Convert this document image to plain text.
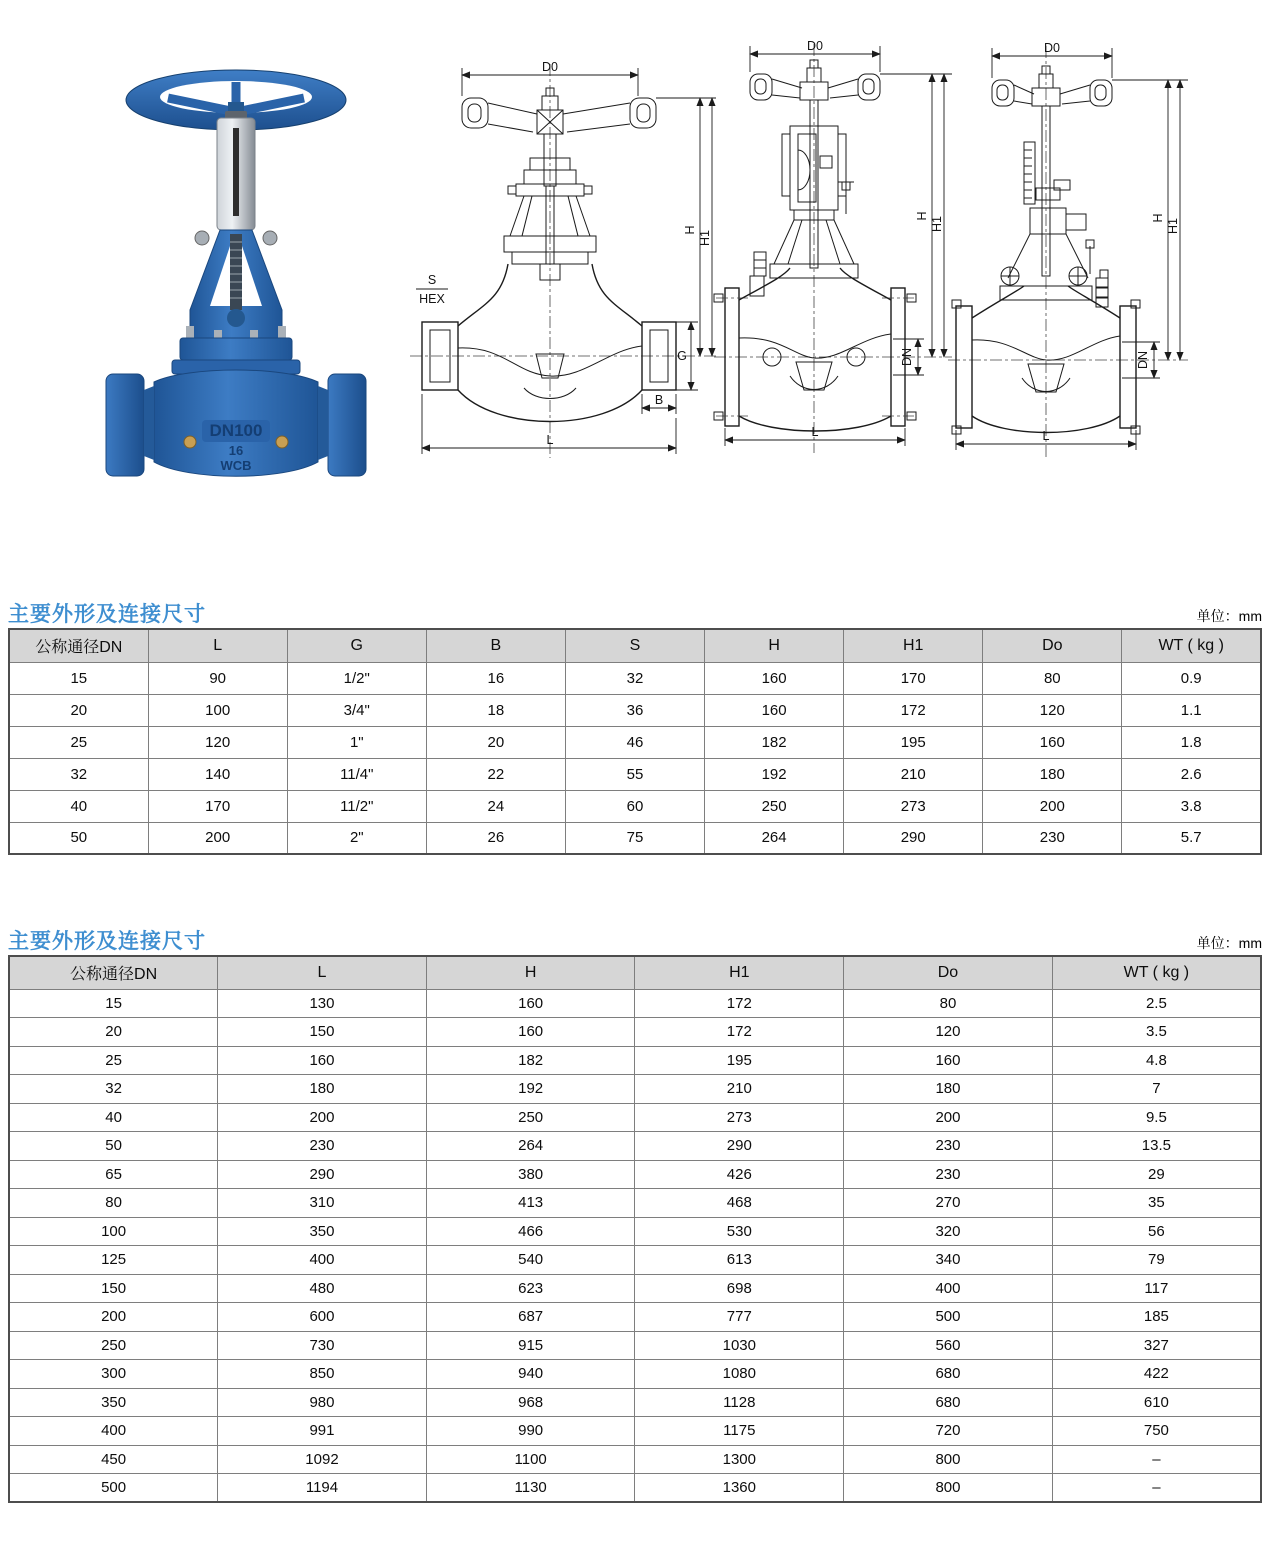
DN100
16
WCB
D0
H
H1
S
HEX
G
B
L
D0
H
H1
DN
L
D0
H
H1
DN
L
主要外形及连接尺寸	单位：mm
公称通径DN	L	G	B	S	H	H1	Do	WT ( kg )
15	90	1/2"	16	32	160	170	80	0.9
20	100	3/4"	18	36	160	172	120	1.1
25	120	1"	20	46	182	195	160	1.8
32	140	11/4"	22	55	192	210	180	2.6
40	170	11/2"	24	60	250	273	200	3.8
50	200	2"	26	75	264	290	230	5.7
主要外形及连接尺寸	单位：mm
公称通径DN	L	H	H1	Do	WT ( kg )
15	130	160	172	80	2.5
20	150	160	172	120	3.5
25	160	182	195	160	4.8
32	180	192	210	180	7
40	200	250	273	200	9.5
50	230	264	290	230	13.5
65	290	380	426	230	29
80	310	413	468	270	35
100	350	466	530	320	56
125	400	540	613	340	79
150	480	623	698	400	117
200	600	687	777	500	185
250	730	915	1030	560	327
300	850	940	1080	680	422
350	980	968	1128	680	610
400	991	990	1175	720	750
450	1092	1100	1300	800	–
500	1194	1130	1360	800	–
